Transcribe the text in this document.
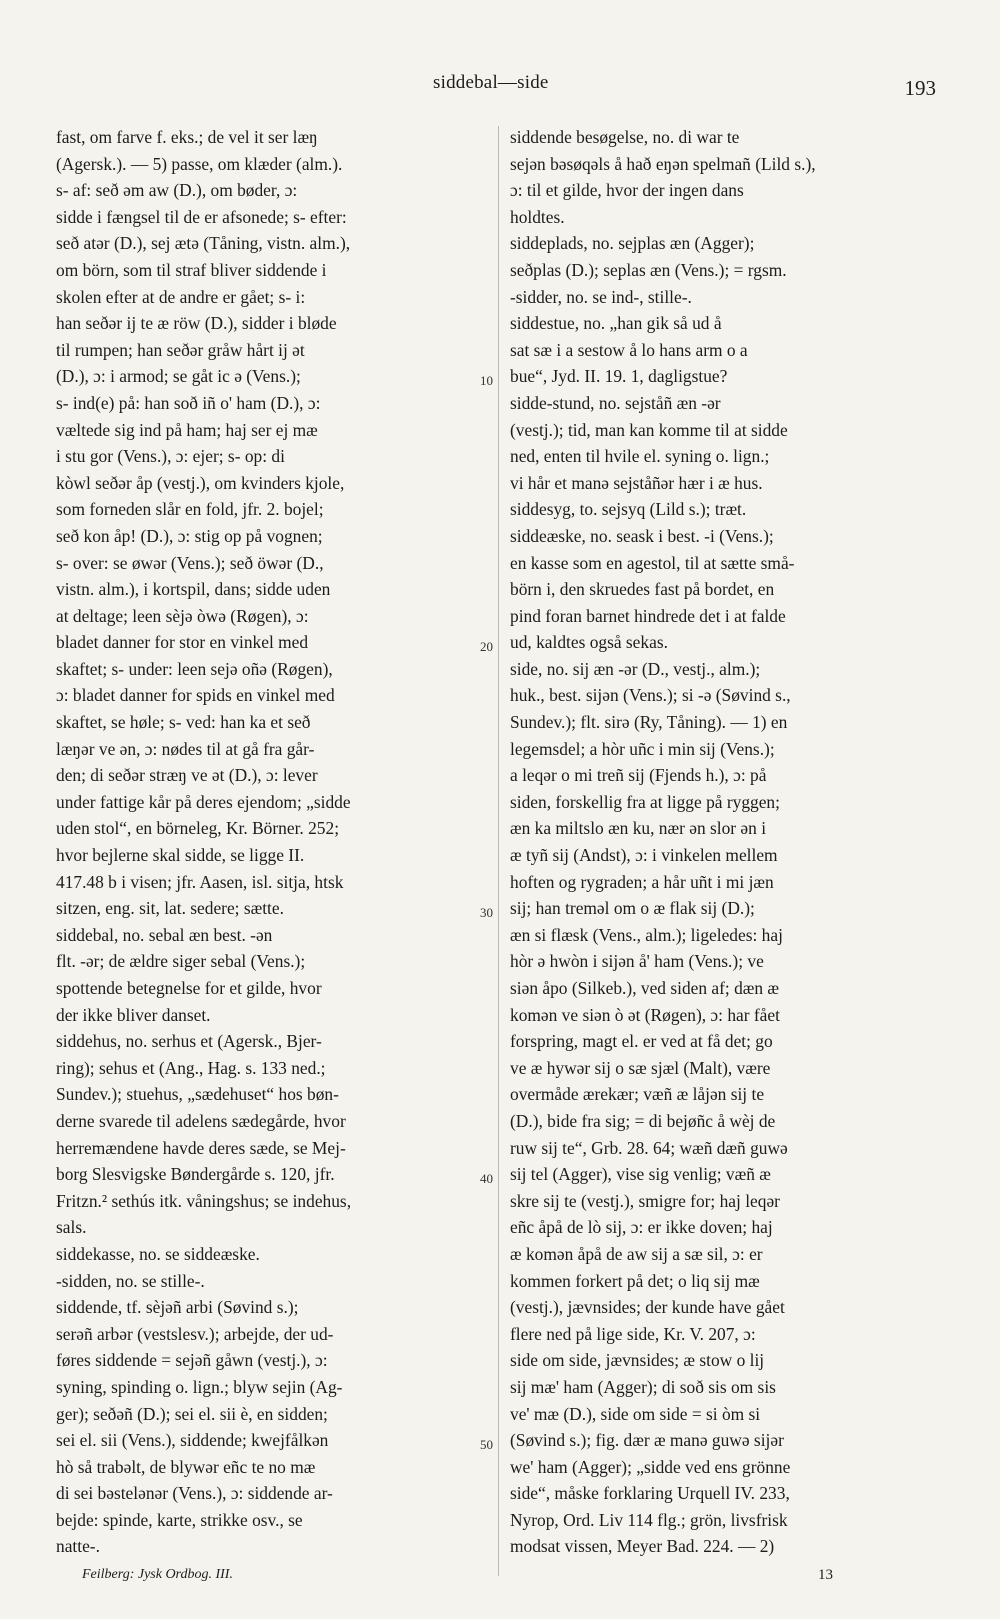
siddebal—side	193
fast, om farve f. eks.; de vel it ser læŋ
(Agersk.). — 5) passe, om klæder (alm.).
s- af: seð əm aw (D.), om bøder, ɔ:
sidde i fængsel til de er afsonede; s- efter:
seð atər (D.), sej ætə (Tåning, vistn. alm.),
om börn, som til straf bliver siddende i
skolen efter at de andre er gået; s- i:
han seðər ij te æ röw (D.), sidder i bløde
til rumpen; han seðər gråw hårt ij ət
(D.), ɔ: i armod; se gåt ic ə (Vens.);
s- ind(e) på: han soð iñ o' ham (D.), ɔ:
væltede sig ind på ham; haj ser ej mæ
i stu gor (Vens.), ɔ: ejer; s- op: di
kòwl seðər åp (vestj.), om kvinders kjole,
som forneden slår en fold, jfr. 2. bojel;
seð kon åp! (D.), ɔ: stig op på vognen;
s- over: se øwər (Vens.); seð öwər (D.,
vistn. alm.), i kortspil, dans; sidde uden
at deltage; leen sèjə òwə (Røgen), ɔ:
bladet danner for stor en vinkel med
skaftet; s- under: leen sejə oñə (Røgen),
ɔ: bladet danner for spids en vinkel med
skaftet, se høle; s- ved: han ka et seð
læŋər ve ən, ɔ: nødes til at gå fra går-
den; di seðər stræŋ ve ət (D.), ɔ: lever
under fattige kår på deres ejendom; „sidde
uden stol“, en börneleg, Kr. Börner. 252;
hvor bejlerne skal sidde, se ligge II.
417.48 b i visen; jfr. Aasen, isl. sitja, htsk
sitzen, eng. sit, lat. sedere; sætte.
siddebal, no. sebal æn best. -ən
flt. -ər; de ældre siger sebal (Vens.);
spottende betegnelse for et gilde, hvor
der ikke bliver danset.
siddehus, no. serhus et (Agersk., Bjer-
ring); sehus et (Ang., Hag. s. 133 ned.;
Sundev.); stuehus, „sædehuset“ hos bøn-
derne svarede til adelens sædegårde, hvor
herremændene havde deres sæde, se Mej-
borg Slesvigske Bøndergårde s. 120, jfr.
Fritzn.² sethús itk. våningshus; se indehus,
sals.
siddekasse, no. se siddeæske.
-sidden, no. se stille-.
siddende, tf. sèjəñ arbi (Søvind s.);
serəñ arbər (vestslesv.); arbejde, der ud-
føres siddende = sejəñ gåwn (vestj.), ɔ:
syning, spinding o. lign.; blyw sejin (Ag-
ger); seðəñ (D.); sei el. sii è, en sidden;
sei el. sii (Vens.), siddende; kwejfålkən
hò så trabəlt, de blywər eñc te no mæ
di sei bəstelənər (Vens.), ɔ: siddende ar-
bejde: spinde, karte, strikke osv., se
natte-.
siddende besøgelse, no. di war te
sejən bəsøqəls å hað eŋən spelmañ (Lild s.),
ɔ: til et gilde, hvor der ingen dans
holdtes.
siddeplads, no. sejplas æn (Agger);
seðplas (D.); seplas æn (Vens.); = rgsm.
-sidder, no. se ind-, stille-.
siddestue, no. „han gik så ud å
sat sæ i a sestow å lo hans arm o a
bue“, Jyd. II. 19. 1, dagligstue?
sidde-stund, no. sejståñ æn -ər
(vestj.); tid, man kan komme til at sidde
ned, enten til hvile el. syning o. lign.;
vi hår et manə sejståñər hær i æ hus.
siddesyg, to. sejsyq (Lild s.); træt.
siddeæske, no. seask i best. -i (Vens.);
en kasse som en agestol, til at sætte små-
börn i, den skruedes fast på bordet, en
pind foran barnet hindrede det i at falde
ud, kaldtes også sekas.
side, no. sij æn -ər (D., vestj., alm.);
huk., best. sijən (Vens.); si -ə (Søvind s.,
Sundev.); flt. sirə (Ry, Tåning). — 1) en
legemsdel; a hòr uñc i min sij (Vens.);
a leqər o mi treñ sij (Fjends h.), ɔ: på
siden, forskellig fra at ligge på ryggen;
æn ka miltslo æn ku, nær ən slor ən i
æ tyñ sij (Andst), ɔ: i vinkelen mellem
hoften og rygraden; a hår uñt i mi jæn
sij; han treməl om o æ flak sij (D.);
æn si flæsk (Vens., alm.); ligeledes: haj
hòr ə hwòn i sijən å' ham (Vens.); ve
siən åpo (Silkeb.), ved siden af; dæn æ
komən ve siən ò ət (Røgen), ɔ: har fået
forspring, magt el. er ved at få det; go
ve æ hywər sij o sæ sjæl (Malt), være
overmåde ærekær; væñ æ låjən sij te
(D.), bide fra sig; = di bejøñc å wèj de
ruw sij te“, Grb. 28. 64; wæñ dæñ guwə
sij tel (Agger), vise sig venlig; væñ æ
skre sij te (vestj.), smigre for; haj leqər
eñc åpå de lò sij, ɔ: er ikke doven; haj
æ komən åpå de aw sij a sæ sil, ɔ: er
kommen forkert på det; o liq sij mæ
(vestj.), jævnsides; der kunde have gået
flere ned på lige side, Kr. V. 207, ɔ:
side om side, jævnsides; æ stow o lij
sij mæ' ham (Agger); di soð sis om sis
ve' mæ (D.), side om side = si òm si
(Søvind s.); fig. dær æ manə guwə sijər
we' ham (Agger); „sidde ved ens grönne
side“, måske forklaring Urquell IV. 233,
Nyrop, Ord. Liv 114 flg.; grön, livsfrisk
modsat vissen, Meyer Bad. 224. — 2)
10
20
30
40
50
Feilberg: Jysk Ordbog. III.	13
